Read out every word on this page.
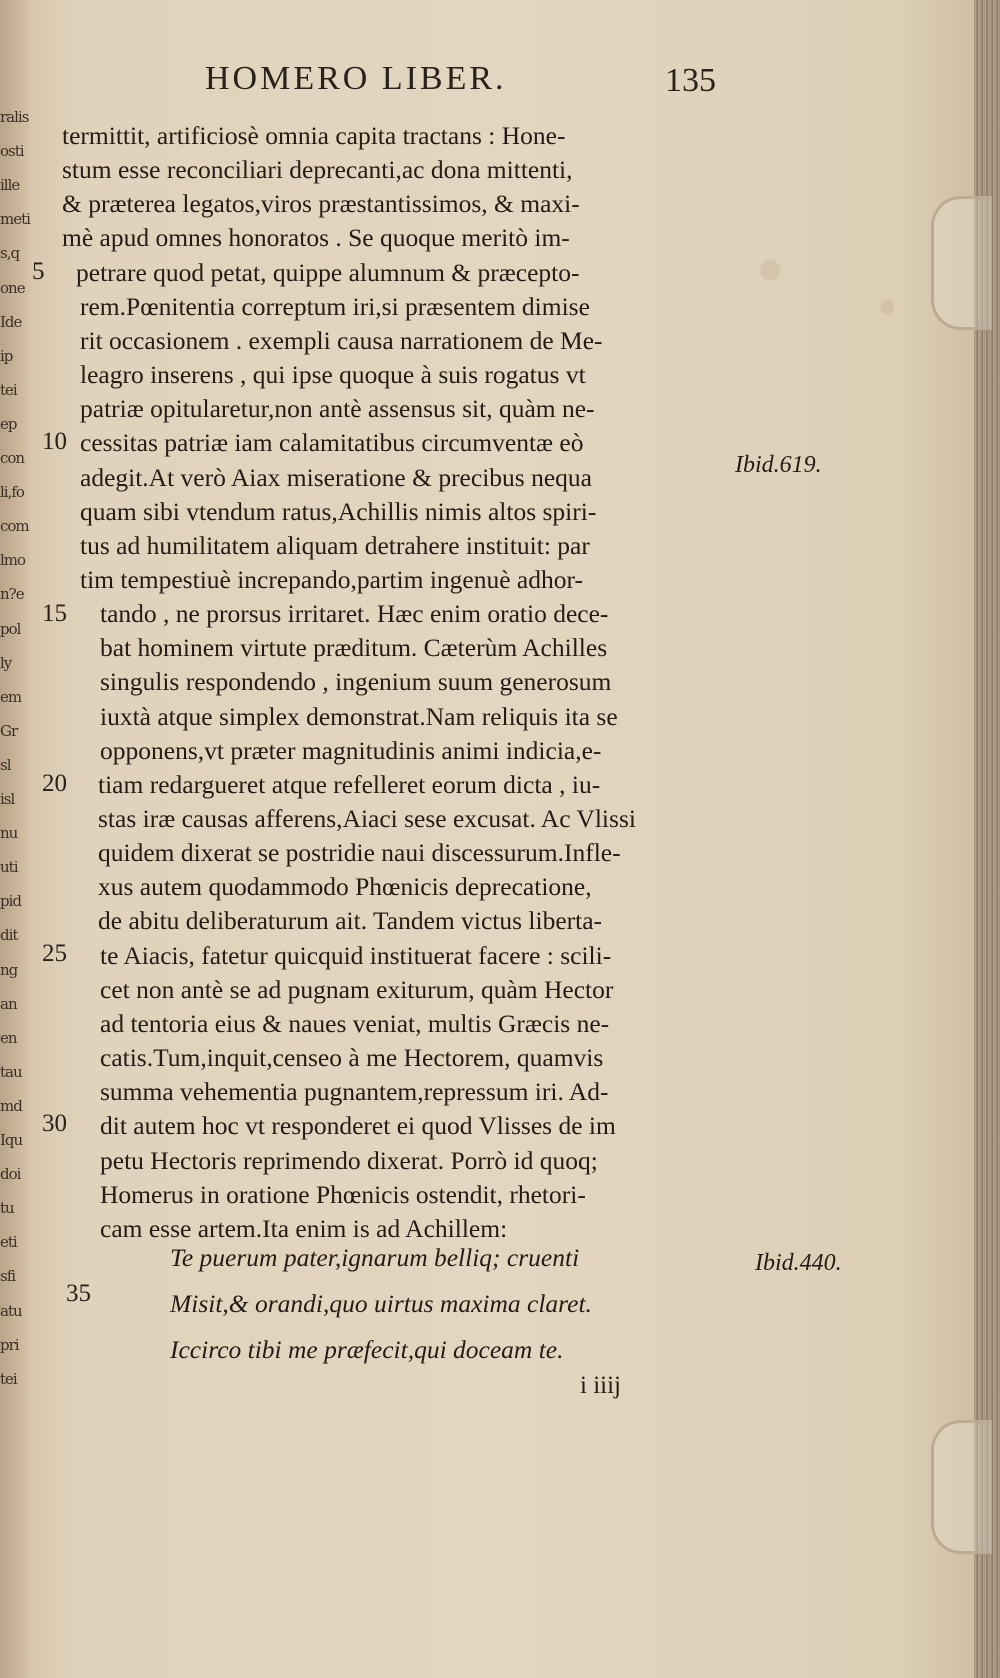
ralis
osti
ille
meti
s,q
one
Ide
ip
tei
ep
con
li,fo
com
lmo
n?e
pol
ly
em
Gr
sl
isl
nu
uti
pid
dit
ng
an
en
tau
md
Iqu
doi
tu
eti
sfi
atu
pri
tei
HOMERO LIBER.	135
termittit, artificiosè omnia capita tractans : Hone-
stum esse reconciliari deprecanti,ac dona mittenti,
& præterea legatos,viros præstantissimos, & maxi-
mè apud omnes honoratos . Se quoque meritò im-
petrare quod petat, quippe alumnum & præcepto-
rem.Pœnitentia correptum iri,si præsentem dimise
rit occasionem . exempli causa narrationem de Me-
leagro inserens , qui ipse quoque à suis rogatus vt
patriæ opitularetur,non antè assensus sit, quàm ne-
cessitas patriæ iam calamitatibus circumventæ eò
adegit.At verò Aiax miseratione & precibus nequa
quam sibi vtendum ratus,Achillis nimis altos spiri-
tus ad humilitatem aliquam detrahere instituit: par
tim tempestiuè increpando,partim ingenuè adhor-
tando , ne prorsus irritaret. Hæc enim oratio dece-
bat hominem virtute præditum. Cæterùm Achilles
singulis respondendo , ingenium suum generosum
iuxtà atque simplex demonstrat.Nam reliquis ita se
opponens,vt præter magnitudinis animi indicia,e-
tiam redargueret atque refelleret eorum dicta , iu-
stas iræ causas afferens,Aiaci sese excusat. Ac Vlissi
quidem dixerat se postridie naui discessurum.Infle-
xus autem quodammodo Phœnicis deprecatione,
de abitu deliberaturum ait. Tandem victus liberta-
te Aiacis, fatetur quicquid instituerat facere : scili-
cet non antè se ad pugnam exiturum, quàm Hector
ad tentoria eius & naues veniat, multis Græcis ne-
catis.Tum,inquit,censeo à me Hectorem, quamvis
summa vehementia pugnantem,repressum iri. Ad-
dit autem hoc vt responderet ei quod Vlisses de im
petu Hectoris reprimendo dixerat. Porrò id quoq;
Homerus in oratione Phœnicis ostendit, rhetori-
cam esse artem.Ita enim is ad Achillem:
5
10
15
20
25
30
35
Ibid.619.
Ibid.440.
Te puerum pater,ignarum belliq; cruenti
Misit,& orandi,quo uirtus maxima claret.
Iccirco tibi me præfecit,qui doceam te.
i iiij
